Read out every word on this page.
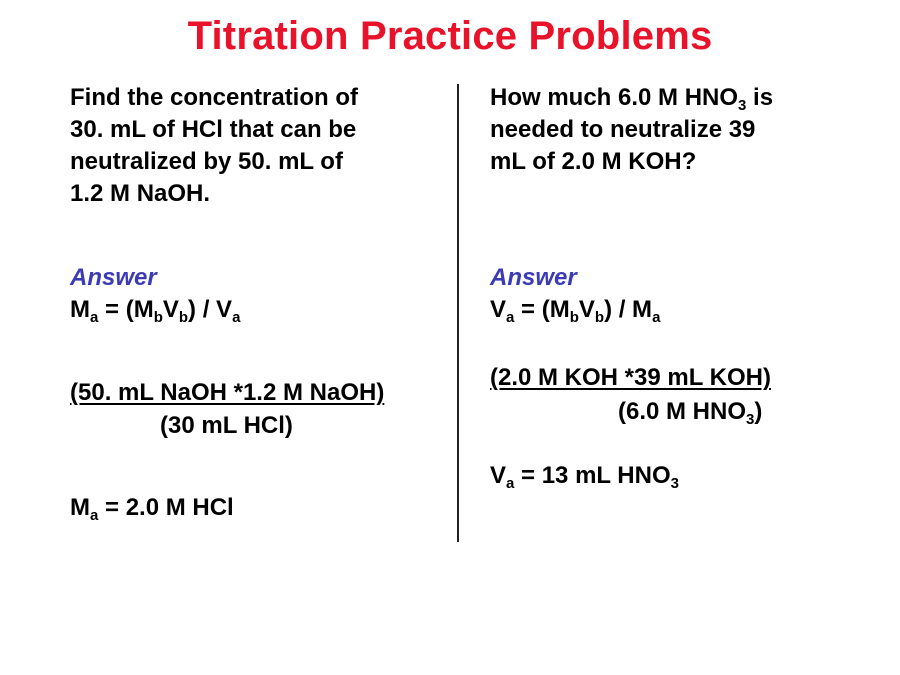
Titration Practice Problems
Find the concentration of
30. mL of HCl that can be
neutralized by 50. mL of
1.2 M NaOH.
Answer
$M_a = (M_bV_b) / V_a$
(50. mL NaOH *1.2 M NaOH)
(30 mL HCl)
$M_a = 2.0$ M HCl
How much 6.0 M $HNO_3$ is
needed to neutralize 39
mL of 2.0 M KOH?
Answer
$V_a = (M_bV_b) / M_a$
(2.0 M KOH *39 mL KOH)
(6.0 M $HNO_3$)
$V_a = 13$ mL $HNO_3$
